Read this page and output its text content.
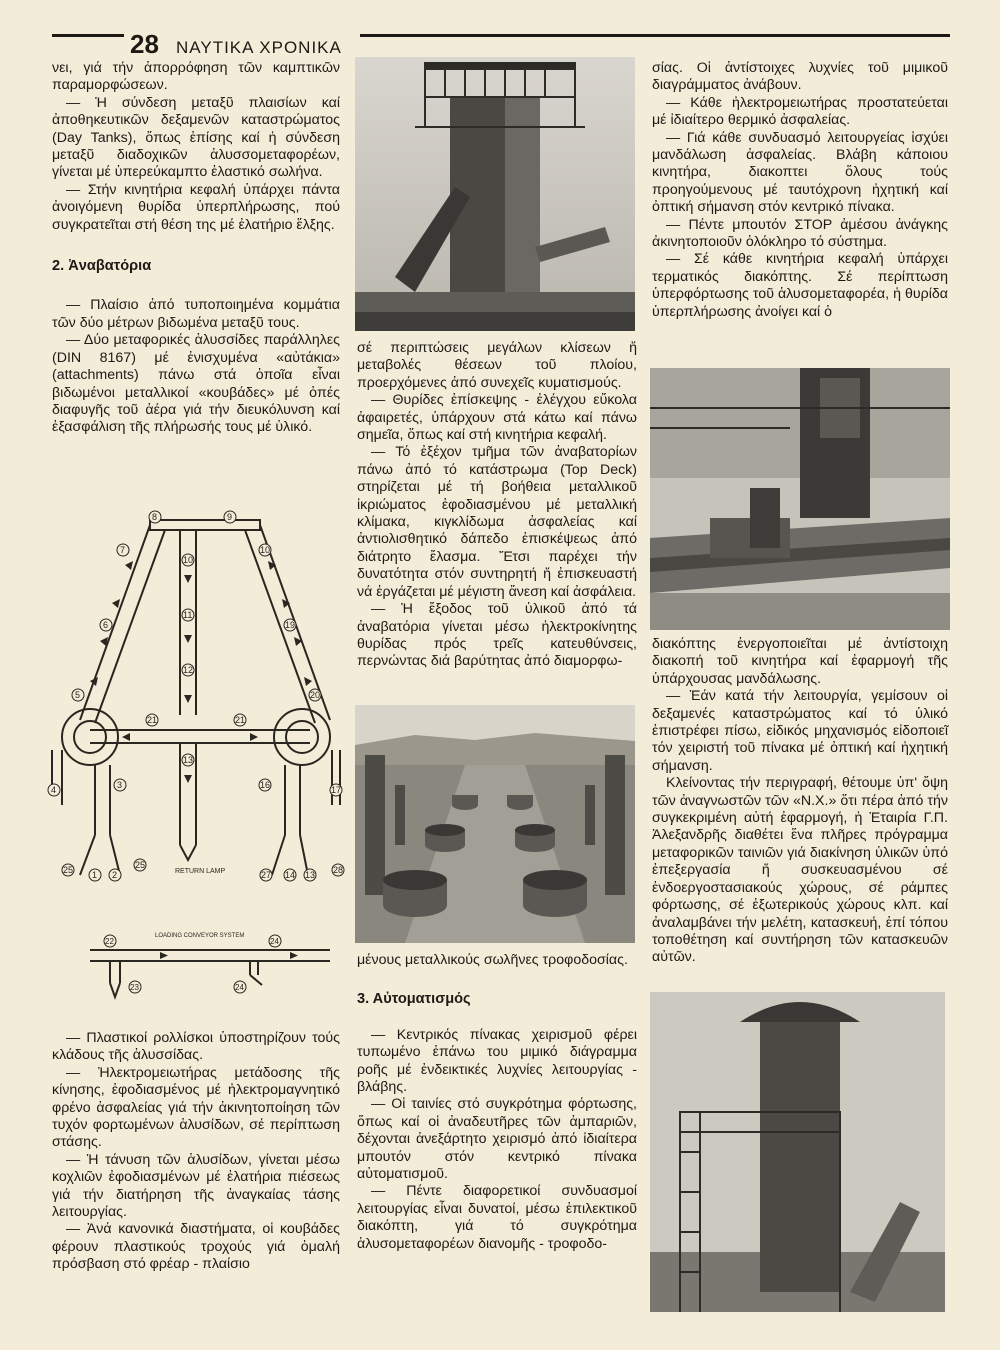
28 ΝΑΥΤΙΚΑ ΧΡΟΝΙΚΑ

νει, γιά τήν ἀπορρόφηση τῶν καμπτικῶν παραμορφώσεων.

— Ἡ σύνδεση μεταξῦ πλαισίων καί ἀποθηκευτικῶν δεξαμενῶν καταστρώματος (Day Tanks), ὅπως ἐπίσης καί ἡ σύνδεση μεταξῦ διαδοχικῶν ἁλυσσομεταφορέων, γίνεται μέ ὑπερεύκαμπτο ἐλαστικό σωλήνα.

— Στήν κινητήρια κεφαλή ὑπάρχει πάντα ἀνοιγόμενη θυρίδα ὑπερπλήρωσης, πού συγκρατεῖται στή θέση της μέ ἐλατήριο ἕλξης.

2. Ἀναβατόρια

— Πλαίσιο ἀπό τυποποιημένα κομμάτια τῶν δύο μέτρων βιδωμένα μεταξῦ τους.

— Δύο μεταφορικές ἁλυσσίδες παράλληλες (DIN 8167) μέ ἐνισχυμένα «αὐτάκια» (attachments) πάνω στά ὁποῖα εἶναι βιδωμένοι μεταλλικοί «κουβάδες» μέ ὀπές διαφυγῆς τοῦ ἀέρα γιά τήν διευκόλυνση καί ἐξασφάλιση τῆς πλήρωσής τους μέ ὑλικό.

8	9
7
6
5
10
19
20
10
11
12
13
21	21
4	3
25 1 2
25
16	17
27 14 13 28
RETURN LAMP
22	24
23	24
LOADING CONVEYOR SYSTEM

— Πλαστικοί ρολλίσκοι ὑποστηρίζουν τούς κλάδους τῆς ἁλυσσίδας.

— Ἠλεκτρομειωτήρας μετάδοσης τῆς κίνησης, ἐφοδιασμένος μέ ἠλεκτρομαγνητικό φρένο ἀσφαλείας γιά τήν ἀκινητοποίηση τῶν τυχόν φορτωμένων ἁλυσίδων, σέ περίπτωση στάσης.

— Ἡ τάνυση τῶν ἁλυσίδων, γίνεται μέσω κοχλιῶν ἐφοδιασμένων μέ ἐλατήρια πιέσεως γιά τήν διατήρηση τῆς ἀναγκαίας τάσης λειτουργίας.

— Ἀνά κανονικά διαστήματα, οἱ κουβάδες φέρουν πλαστικούς τροχούς γιά ὁμαλή πρόσβαση στό φρέαρ - πλαίσιο

σέ περιπτώσεις μεγάλων κλίσεων ἤ μεταβολές θέσεων τοῦ πλοίου, προερχόμενες ἀπό συνεχεῖς κυματισμούς.

— Θυρίδες ἐπίσκεψης - ἐλέγχου εὔκολα ἀφαιρετές, ὑπάρχουν στά κάτω καί πάνω σημεῖα, ὅπως καί στή κινητήρια κεφαλή.

— Τό ἐξέχον τμῆμα τῶν ἀναβατορίων πάνω ἀπό τό κατάστρωμα (Top Deck) στηρίζεται μέ τή βοήθεια μεταλλικοῦ ἰκριώματος ἐφοδιασμένου μέ μεταλλική κλίμακα, κιγκλίδωμα ἀσφαλείας καί ἀντιολισθητικό δάπεδο ἐπισκέψεως ἀπό διάτρητο ἔλασμα. Ἔτσι παρέχει τήν δυνατότητα στόν συντηρητή ἤ ἐπισκευαστή νά ἐργάζεται μέ μέγιστη ἄνεση καί ἀσφάλεια.

— Ἡ ἔξοδος τοῦ ὑλικοῦ ἀπό τά ἀναβατόρια γίνεται μέσω ἠλεκτροκίνητης θυρίδας πρός τρεῖς κατευθύνσεις, περνώντας διά βαρύτητας ἀπό διαμορφω-

μένους μεταλλικούς σωλῆνες τροφοδοσίας.

3. Αὐτοματισμός

— Κεντρικός πίνακας χειρισμοῦ φέρει τυπωμένο ἐπάνω του μιμικό διάγραμμα ροῆς μέ ἐνδεικτικές λυχνίες λειτουργίας - βλάβης.

— Οἱ ταινίες στό συγκρότημα φόρτωσης, ὅπως καί οἱ ἀναδευτῆρες τῶν ἀμπαριῶν, δέχονται ἀνεξάρτητο χειρισμό ἀπό ἰδιαίτερα μπουτόν στόν κεντρικό πίνακα αὐτοματισμοῦ.

— Πέντε διαφορετικοί συνδυασμοί λειτουργίας εἶναι δυνατοί, μέσω ἐπιλεκτικοῦ διακόπτη, γιά τό συγκρότημα ἁλυσομεταφορέων διανομῆς - τροφοδο-

σίας. Οἱ ἀντίστοιχες λυχνίες τοῦ μιμικοῦ διαγράμματος ἀνάβουν.

— Κάθε ἠλεκτρομειωτήρας προστατεύεται μέ ἰδιαίτερο θερμικό ἀσφαλείας.

— Γιά κάθε συνδυασμό λειτουργείας ἰσχύει μανδάλωση ἀσφαλείας. Βλάβη κάποιου κινητήρα, διακοπτει ὅλους τούς προηγούμενους μέ ταυτόχρονη ἠχητική καί ὀπτική σήμανση στόν κεντρικό πίνακα.

— Πέντε μπουτόν ΣΤΟΡ ἀμέσου ἀνάγκης ἀκινητοποιοῦν ὁλόκληρο τό σύστημα.

— Σέ κάθε κινητήρια κεφαλή ὑπάρχει τερματικός διακόπτης. Σέ περίπτωση ὑπερφόρτωσης τοῦ ἁλυσομεταφορέα, ἡ θυρίδα ὑπερπλήρωσης ἀνοίγει καί ὁ

διακόπτης ἐνεργοποιεῖται μέ ἀντίστοιχη διακοπή τοῦ κινητήρα καί ἐφαρμογή τῆς ὑπάρχουσας μανδάλωσης.

— Ἐάν κατά τήν λειτουργία, γεμίσουν οἱ δεξαμενές καταστρώματος καί τό ὑλικό ἐπιστρέφει πίσω, εἰδικός μηχανισμός εἰδοποιεῖ τόν χειριστή τοῦ πίνακα μέ ὀπτική καί ἠχητική σήμανση.

Κλείνοντας τήν περιγραφή, θέτουμε ὑπ' ὄψη τῶν ἀναγνωστῶν τῶν «Ν.Χ.» ὅτι πέρα ἀπό τήν συγκεκριμένη αὐτή ἐφαρμογή, ἡ Ἑταιρία Γ.Π. Ἀλεξανδρῆς διαθέτει ἕνα πλῆρες πρόγραμμα μεταφορικῶν ταινιῶν γιά διακίνηση ὑλικῶν ὑπό ἐπεξεργασία ἤ συσκευασμένου σέ ἐνδοεργοστασιακούς χώρους, σέ ράμπες φόρτωσης, σέ ἐξωτερικούς χώρους κλπ. καί ἀναλαμβάνει τήν μελέτη, κατασκευή, ἐπί τόπου τοποθέτηση καί συντήρηση τῶν κατασκευῶν αὐτῶν.
